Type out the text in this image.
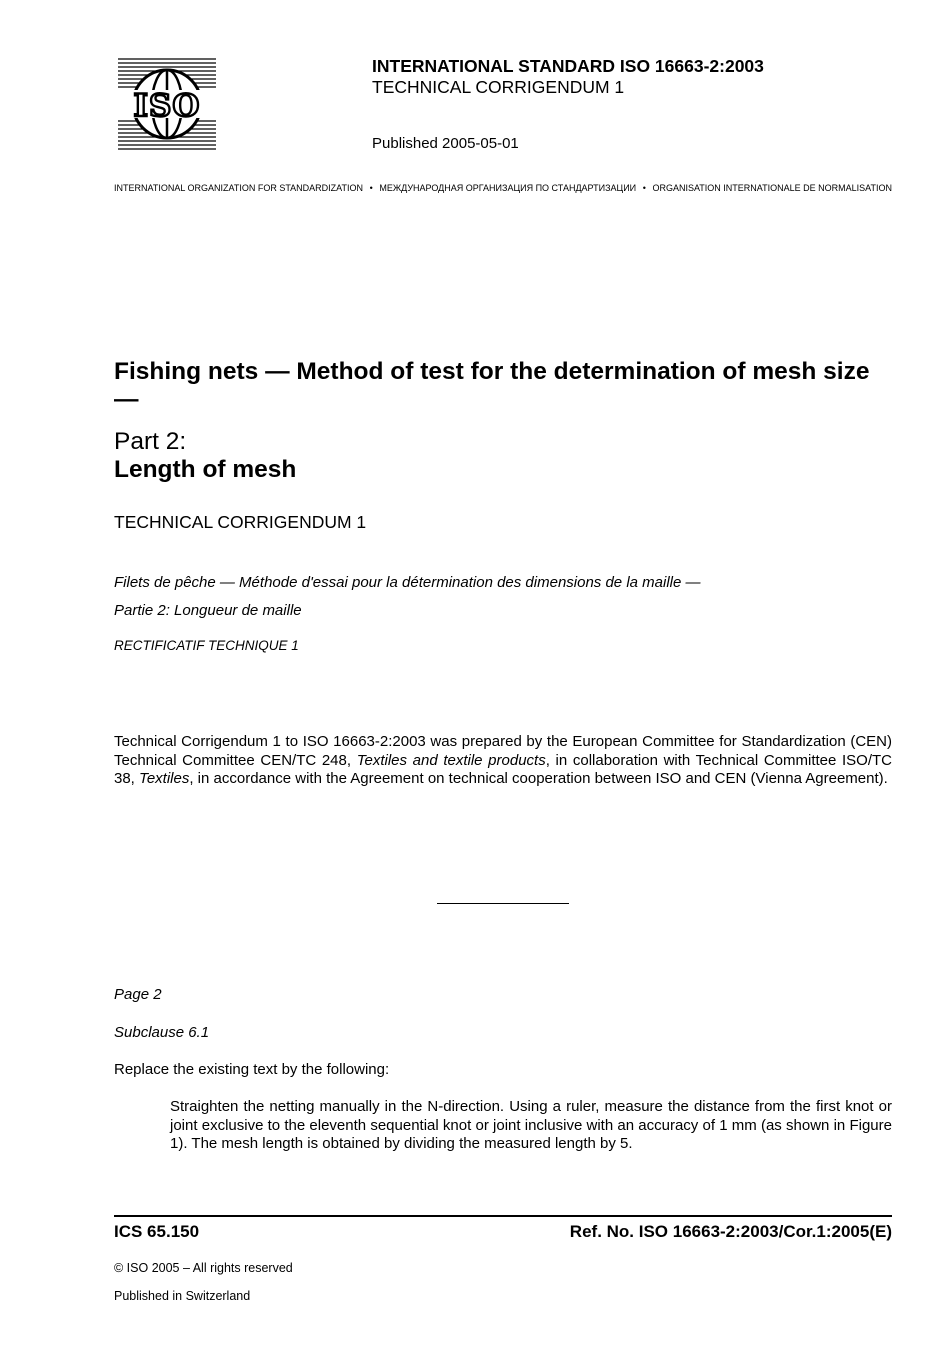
ISO
INTERNATIONAL STANDARD ISO 16663-2:2003
TECHNICAL CORRIGENDUM 1
Published 2005-05-01
INTERNATIONAL ORGANIZATION FOR STANDARDIZATION • МЕЖДУНАРОДНАЯ ОРГАНИЗАЦИЯ ПО СТАНДАРТИЗАЦИИ • ORGANISATION INTERNATIONALE DE NORMALISATION
Fishing nets — Method of test for the determination of mesh size —
Part 2:
Length of mesh
TECHNICAL CORRIGENDUM 1
Filets de pêche — Méthode d'essai pour la détermination des dimensions de la maille —
Partie 2: Longueur de maille
RECTIFICATIF TECHNIQUE 1
Technical Corrigendum 1 to ISO 16663-2:2003 was prepared by the European Committee for Standardization (CEN) Technical Committee CEN/TC 248, Textiles and textile products, in collaboration with Technical Committee ISO/TC 38, Textiles, in accordance with the Agreement on technical cooperation between ISO and CEN (Vienna Agreement).
Page 2
Subclause 6.1
Replace the existing text by the following:
Straighten the netting manually in the N-direction. Using a ruler, measure the distance from the first knot or joint exclusive to the eleventh sequential knot or joint inclusive with an accuracy of 1 mm (as shown in Figure 1). The mesh length is obtained by dividing the measured length by 5.
ICS 65.150	Ref. No. ISO 16663-2:2003/Cor.1:2005(E)
© ISO 2005 – All rights reserved
Published in Switzerland
